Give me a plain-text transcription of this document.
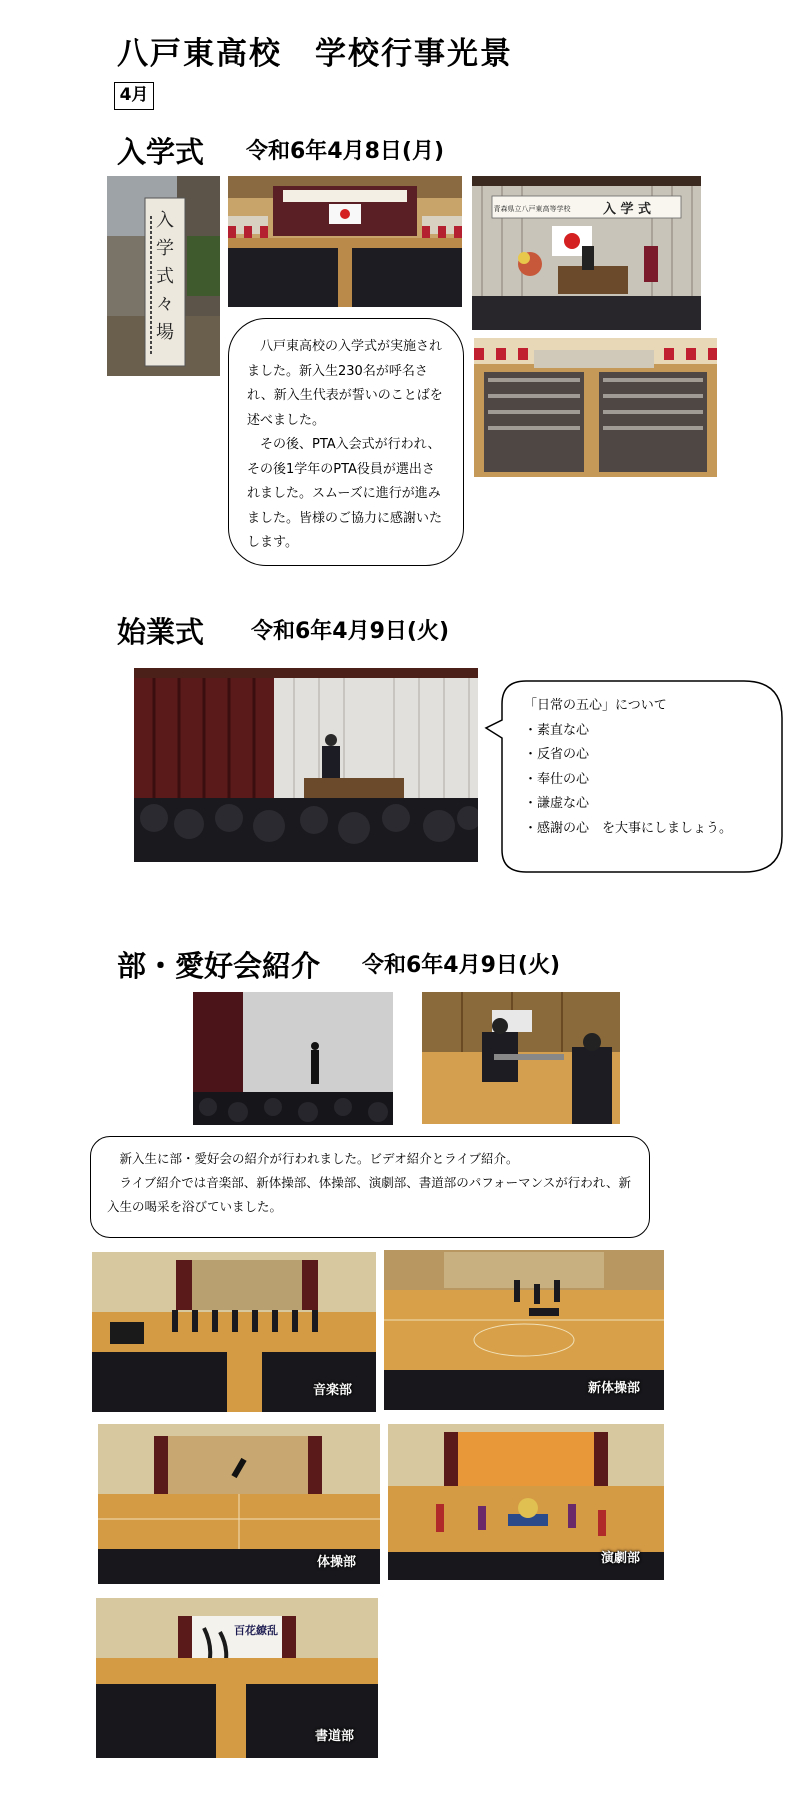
八戸東高校　学校行事光景
4月
入学式 令和6年4月8日(月)
入
学
式
々
場
青森県立八戸東高等学校 入 学 式

　八戸東高校の入学式が実施されました。新入生230名が呼名され、新入生代表が誓いのことばを述べました。
　その後、PTA入会式が行われ、その後1学年のPTA役員が選出されました。スムーズに進行が進みました。皆様のご協力に感謝いたします。

始業式 令和6年4月9日(火)
「日常の五心」について
・素直な心
・反省の心
・奉仕の心
・謙虚な心
・感謝の心　を大事にしましょう。
部・愛好会紹介 令和6年4月9日(火)

　新入生に部・愛好会の紹介が行われました。ビデオ紹介とライブ紹介。
　ライブ紹介では音楽部、新体操部、体操部、演劇部、書道部のパフォーマンスが行われ、新入生の喝采を浴びていました。

音楽部	新体操部
体操部	演劇部
百花繚乱
書道部
